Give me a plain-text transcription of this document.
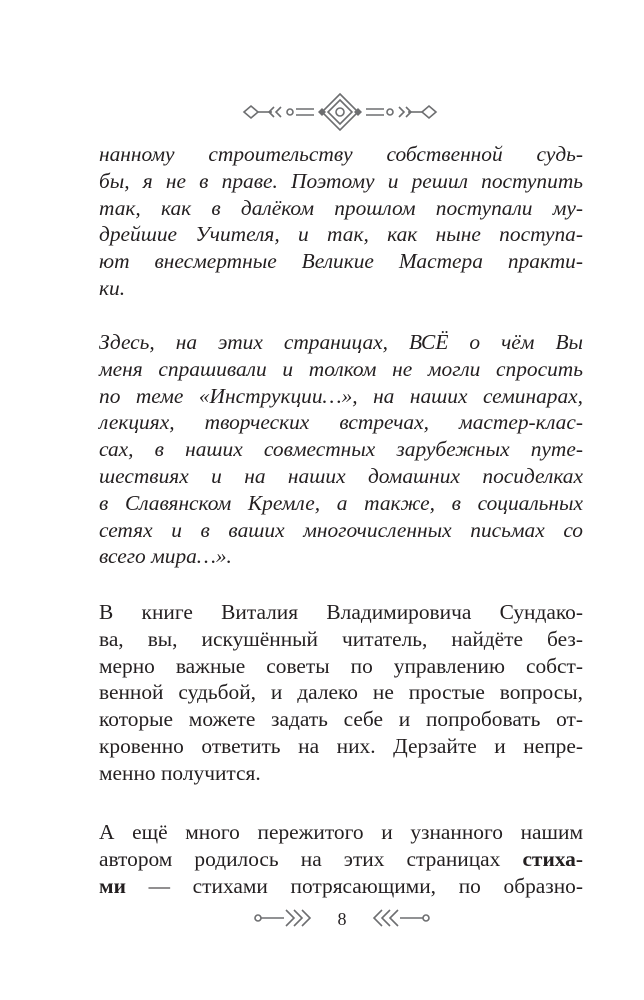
нанному строительству собственной судь-
бы, я не в праве. Поэтому и решил поступить
так, как в далёком прошлом поступали му-
дрейшие Учителя, и так, как ныне поступа-
ют внесмертные Великие Мастера практи-
ки.
Здесь, на этих страницах, ВСЁ о чём Вы
меня спрашивали и толком не могли спросить
по теме «Инструкции…», на наших семинарах,
лекциях, творческих встречах, мастер-клас-
сах, в наших совместных зарубежных путе-
шествиях и на наших домашних посиделках
в Славянском Кремле, а также, в социальных
сетях и в ваших многочисленных письмах со
всего мира…».
В книге Виталия Владимировича Сундако-
ва, вы, искушённый читатель, найдёте без-
мерно важные советы по управлению собст-
венной судьбой, и далеко не простые вопросы,
которые можете задать себе и попробовать от-
кровенно ответить на них. Дерзайте и непре-
менно получится.
А ещё много пережитого и узнанного нашим
автором родилось на этих страницах стиха-
ми — стихами потрясающими, по образно-
8
